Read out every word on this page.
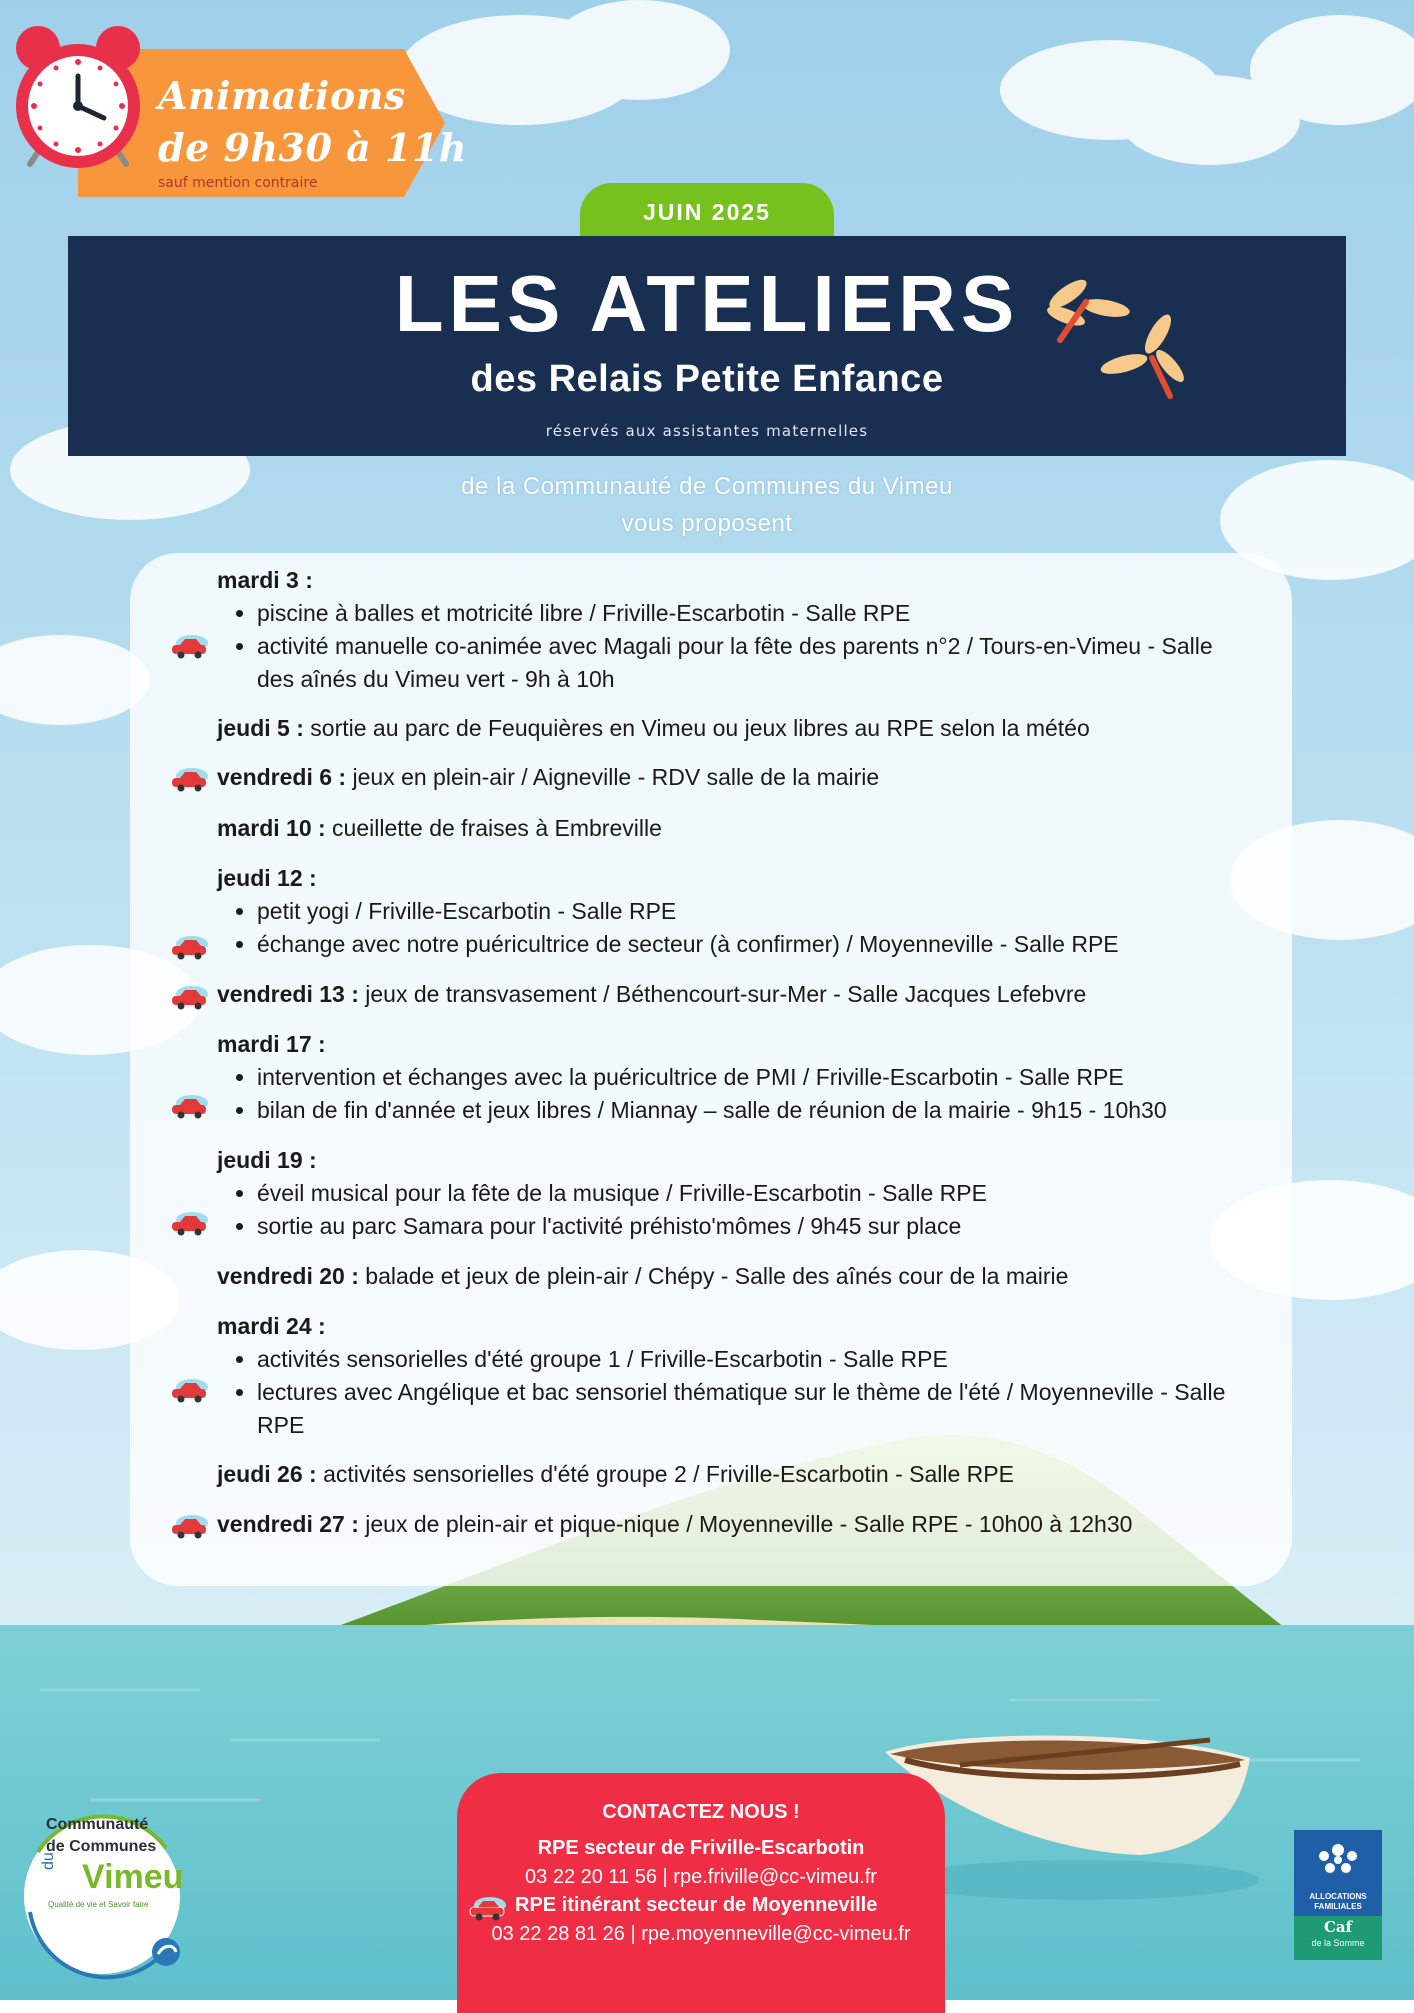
Animations
de 9h30 à 11h
sauf mention contraire
JUIN 2025
LES ATELIERS
des Relais Petite Enfance
réservés aux assistantes maternelles
de la Communauté de Communes du Vimeu
vous proposent
mardi 3 :
• piscine à balles et motricité libre / Friville-Escarbotin - Salle RPE
• activité manuelle co-animée avec Magali pour la fête des parents n°2 / Tours-en-Vimeu - Salle des aînés du Vimeu vert - 9h à 10h
jeudi 5 : sortie au parc de Feuquières en Vimeu ou jeux libres au RPE selon la météo
vendredi 6 : jeux en plein-air / Aigneville - RDV salle de la mairie
mardi 10 : cueillette de fraises à Embreville
jeudi 12 :
• petit yogi / Friville-Escarbotin - Salle RPE
• échange avec notre puéricultrice de secteur (à confirmer) / Moyenneville - Salle RPE
vendredi 13 : jeux de transvasement / Béthencourt-sur-Mer - Salle Jacques Lefebvre
mardi 17 :
• intervention et échanges avec la puéricultrice de PMI / Friville-Escarbotin - Salle RPE
• bilan de fin d'année et jeux libres / Miannay – salle de réunion de la mairie - 9h15 - 10h30
jeudi 19 :
• éveil musical pour la fête de la musique / Friville-Escarbotin - Salle RPE
• sortie au parc Samara pour l'activité préhisto'mômes / 9h45 sur place
vendredi 20 : balade et jeux de plein-air / Chépy - Salle des aînés cour de la mairie
mardi 24 :
• activités sensorielles d'été groupe 1 / Friville-Escarbotin - Salle RPE
• lectures avec Angélique et bac sensoriel thématique sur le thème de l'été / Moyenneville - Salle RPE
jeudi 26 : activités sensorielles d'été groupe 2 / Friville-Escarbotin - Salle RPE
vendredi 27 : jeux de plein-air et pique-nique / Moyenneville - Salle RPE - 10h00 à 12h30
CONTACTEZ NOUS !
RPE secteur de Friville-Escarbotin
03 22 20 11 56 | rpe.friville@cc-vimeu.fr
RPE itinérant secteur de Moyenneville
03 22 28 81 26 | rpe.moyenneville@cc-vimeu.fr
Communauté
de Communes
du Vimeu
Qualité de vie et Savoir faire
ALLOCATIONS FAMILIALES
Caf
de la Somme
